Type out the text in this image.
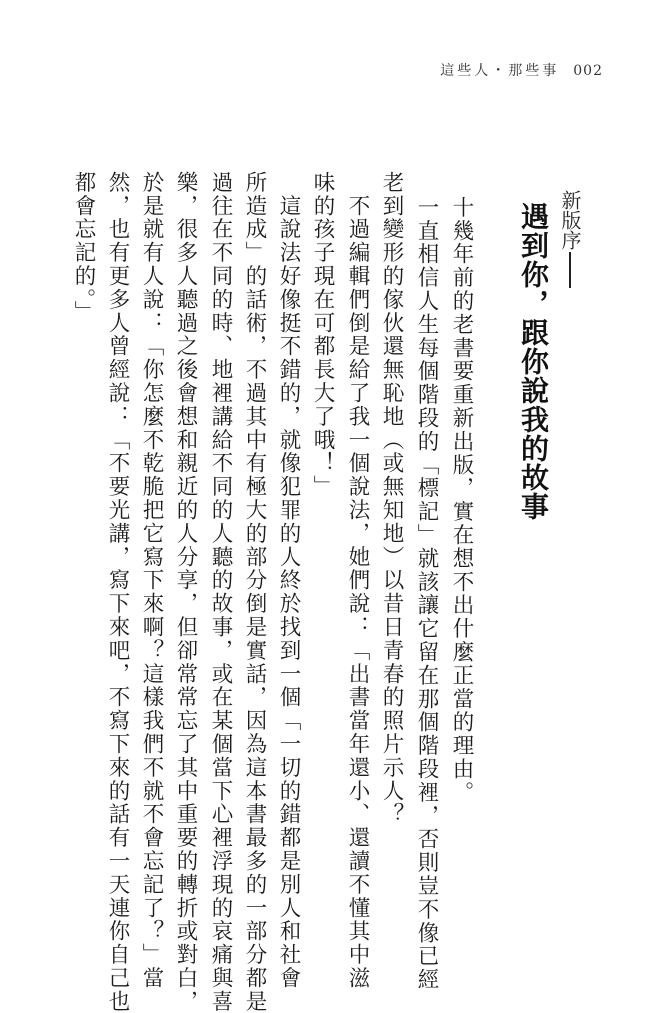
這些人・那些事 002
新版序
遇到你，跟你說我的故事
十幾年前的老書要重新出版，實在想不出什麼正當的理由。
一直相信人生每個階段的「標記」就該讓它留在那個階段裡，否則豈不像已經
老到變形的傢伙還無恥地（或無知地）以昔日青春的照片示人？
　不過編輯們倒是給了我一個說法，她們說：「出書當年還小、還讀不懂其中滋
味的孩子現在可都長大了哦！」
　這說法好像挺不錯的，就像犯罪的人終於找到一個「一切的錯都是別人和社會
所造成」的話術，不過其中有極大的部分倒是實話，因為這本書最多的一部分都是
過往在不同的時、地裡講給不同的人聽的故事，或在某個當下心裡浮現的哀痛與喜
樂，很多人聽過之後會想和親近的人分享，但卻常常忘了其中重要的轉折或對白，
於是就有人說：「你怎麼不乾脆把它寫下來啊？這樣我們不就不會忘記了？」當
然，也有更多人曾經說：「不要光講，寫下來吧，不寫下來的話有一天連你自己也
都會忘記的。」
